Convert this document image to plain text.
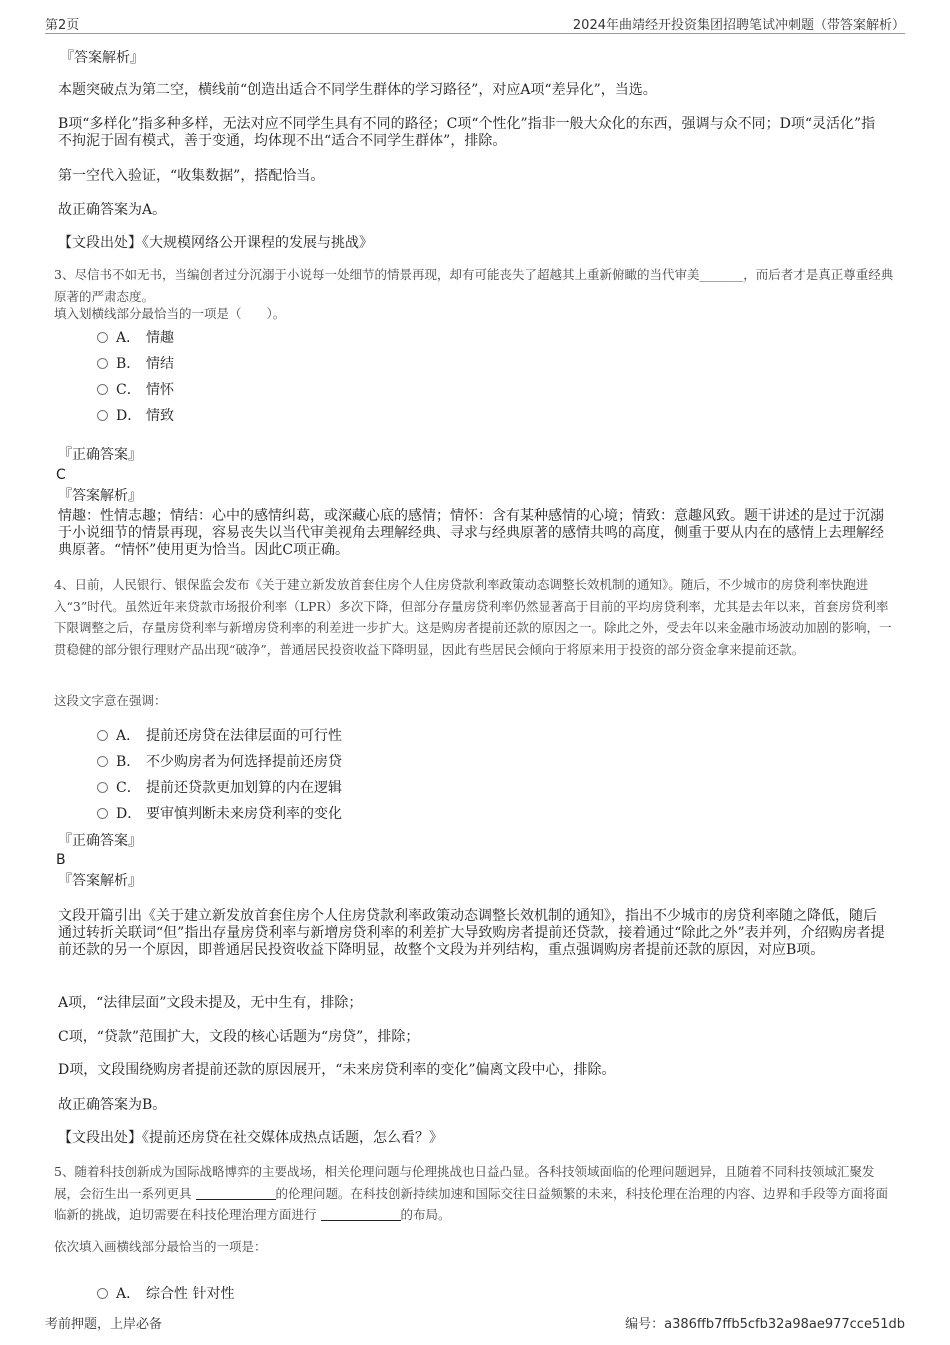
第2页	2024年曲靖经开投资集团招聘笔试冲刺题（带答案解析）
『答案解析』
本题突破点为第二空，横线前“创造出适合不同学生群体的学习路径”，对应A项“差异化”，当选。
B项“多样化”指多种多样，无法对应不同学生具有不同的路径；C项“个性化”指非一般大众化的东西，强调与众不同；D项“灵活化”指不拘泥于固有模式，善于变通，均体现不出“适合不同学生群体”，排除。
第一空代入验证，“收集数据”，搭配恰当。
故正确答案为A。
【文段出处】《大规模网络公开课程的发展与挑战》
3、尽信书不如无书，当编创者过分沉溺于小说每一处细节的情景再现，却有可能丧失了超越其上重新俯瞰的当代审美_______，而后者才是真正尊重经典原著的严肃态度。
填入划横线部分最恰当的一项是（　　）。
A． 情趣
B． 情结
C． 情怀
D． 情致
『正确答案』
C
『答案解析』
情趣：性情志趣；情结：心中的感情纠葛，或深藏心底的感情；情怀：含有某种感情的心境；情致：意趣风致。题干讲述的是过于沉溺于小说细节的情景再现，容易丧失以当代审美视角去理解经典、寻求与经典原著的感情共鸣的高度，侧重于要从内在的感情上去理解经典原著。“情怀”使用更为恰当。因此C项正确。
4、日前，人民银行、银保监会发布《关于建立新发放首套住房个人住房贷款利率政策动态调整长效机制的通知》。随后，不少城市的房贷利率快跑进入“3”时代。虽然近年来贷款市场报价利率（LPR）多次下降，但部分存量房贷利率仍然显著高于目前的平均房贷利率，尤其是去年以来，首套房贷利率下限调整之后，存量房贷利率与新增房贷利率的利差进一步扩大。这是购房者提前还款的原因之一。除此之外，受去年以来金融市场波动加剧的影响，一贯稳健的部分银行理财产品出现“破净”，普通居民投资收益下降明显，因此有些居民会倾向于将原来用于投资的部分资金拿来提前还款。
这段文字意在强调：
A． 提前还房贷在法律层面的可行性
B． 不少购房者为何选择提前还房贷
C． 提前还贷款更加划算的内在逻辑
D． 要审慎判断未来房贷利率的变化
『正确答案』
B
『答案解析』
文段开篇引出《关于建立新发放首套住房个人住房贷款利率政策动态调整长效机制的通知》，指出不少城市的房贷利率随之降低，随后通过转折关联词“但”指出存量房贷利率与新增房贷利率的利差扩大导致购房者提前还贷款，接着通过“除此之外”表并列，介绍购房者提前还款的另一个原因，即普通居民投资收益下降明显，故整个文段为并列结构，重点强调购房者提前还款的原因，对应B项。
A项，“法律层面”文段未提及，无中生有，排除；
C项，“贷款”范围扩大，文段的核心话题为“房贷”，排除；
D项，文段围绕购房者提前还款的原因展开，“未来房贷利率的变化”偏离文段中心，排除。
故正确答案为B。
【文段出处】《提前还房贷在社交媒体成热点话题，怎么看？》
5、随着科技创新成为国际战略博弈的主要战场，相关伦理问题与伦理挑战也日益凸显。各科技领域面临的伦理问题迥异，且随着不同科技领域汇聚发展，会衍生出一系列更具	的伦理问题。在科技创新持续加速和国际交往日益频繁的未来，科技伦理在治理的内容、边界和手段等方面将面临新的挑战，迫切需要在科技伦理治理方面进行	的布局。
依次填入画横线部分最恰当的一项是：
A． 综合性 针对性
考前押题，上岸必备	编号：a386ffb7ffb5cfb32a98ae977cce51db
